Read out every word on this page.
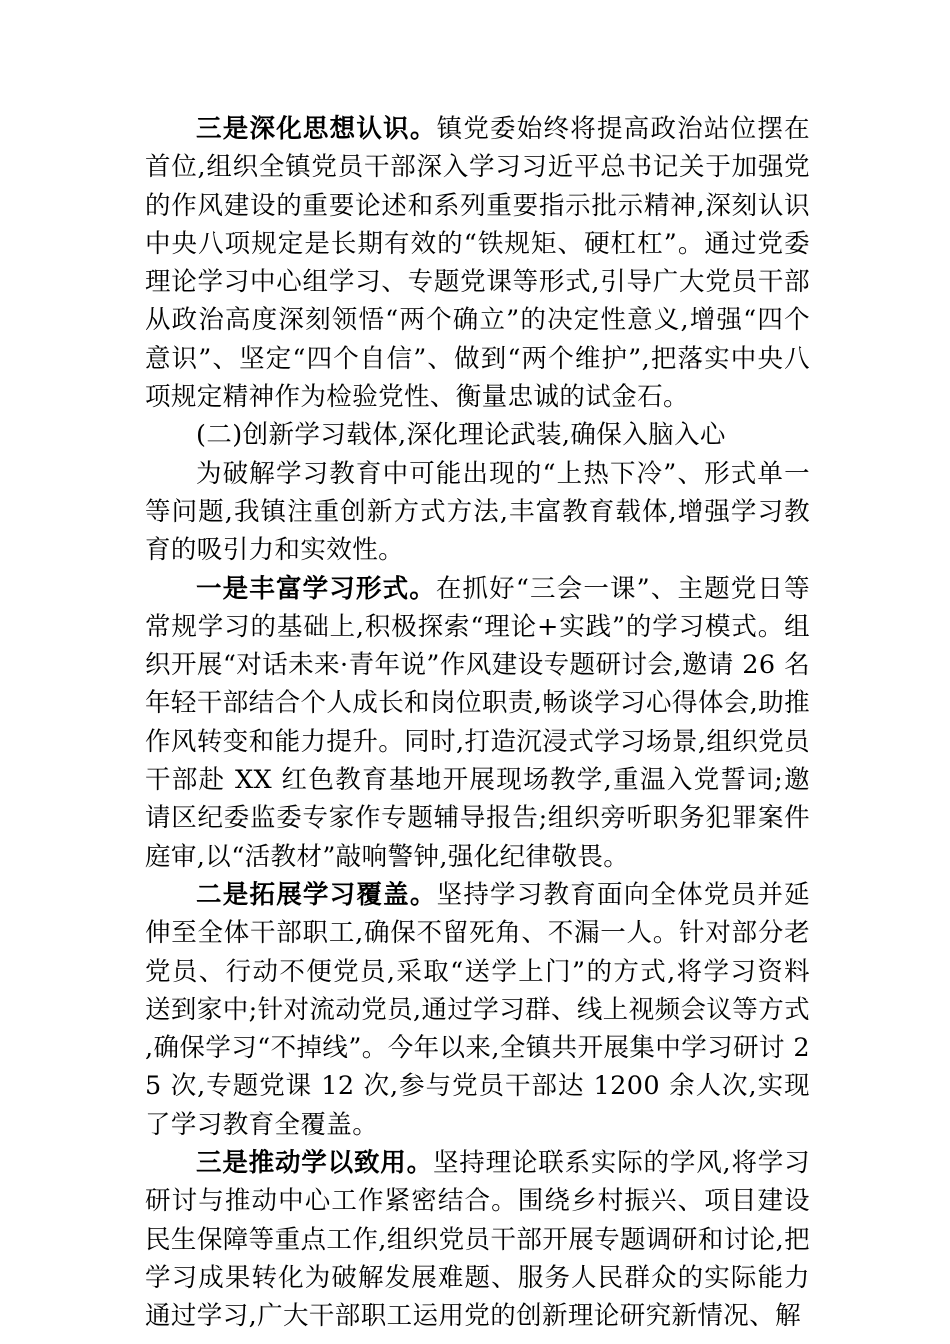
三是深化思想认识。镇党委始终将提高政治站位摆在首位,组织全镇党员干部深入学习习近平总书记关于加强党的作风建设的重要论述和系列重要指示批示精神,深刻认识中央八项规定是长期有效的“铁规矩、硬杠杠”。通过党委理论学习中心组学习、专题党课等形式,引导广大党员干部从政治高度深刻领悟“两个确立”的决定性意义,增强“四个意识”、坚定“四个自信”、做到“两个维护”,把落实中央八项规定精神作为检验党性、衡量忠诚的试金石。

(二)创新学习载体,深化理论武装,确保入脑入心

为破解学习教育中可能出现的“上热下冷”、形式单一等问题,我镇注重创新方式方法,丰富教育载体,增强学习教育的吸引力和实效性。

一是丰富学习形式。在抓好“三会一课”、主题党日等常规学习的基础上,积极探索“理论+实践”的学习模式。组织开展“对话未来·青年说”作风建设专题研讨会,邀请 26 名年轻干部结合个人成长和岗位职责,畅谈学习心得体会,助推作风转变和能力提升。同时,打造沉浸式学习场景,组织党员干部赴 XX 红色教育基地开展现场教学,重温入党誓词;邀请区纪委监委专家作专题辅导报告;组织旁听职务犯罪案件庭审,以“活教材”敲响警钟,强化纪律敬畏。

二是拓展学习覆盖。坚持学习教育面向全体党员并延伸至全体干部职工,确保不留死角、不漏一人。针对部分老党员、行动不便党员,采取“送学上门”的方式,将学习资料送到家中;针对流动党员,通过学习群、线上视频会议等方式,确保学习“不掉线”。今年以来,全镇共开展集中学习研讨 25 次,专题党课 12 次,参与党员干部达 1200 余人次,实现了学习教育全覆盖。

三是推动学以致用。坚持理论联系实际的学风,将学习研讨与推动中心工作紧密结合。围绕乡村振兴、项目建设民生保障等重点工作,组织党员干部开展专题调研和讨论,把学习成果转化为破解发展难题、服务人民群众的实际能力通过学习,广大干部职工运用党的创新理论研究新情况、解
